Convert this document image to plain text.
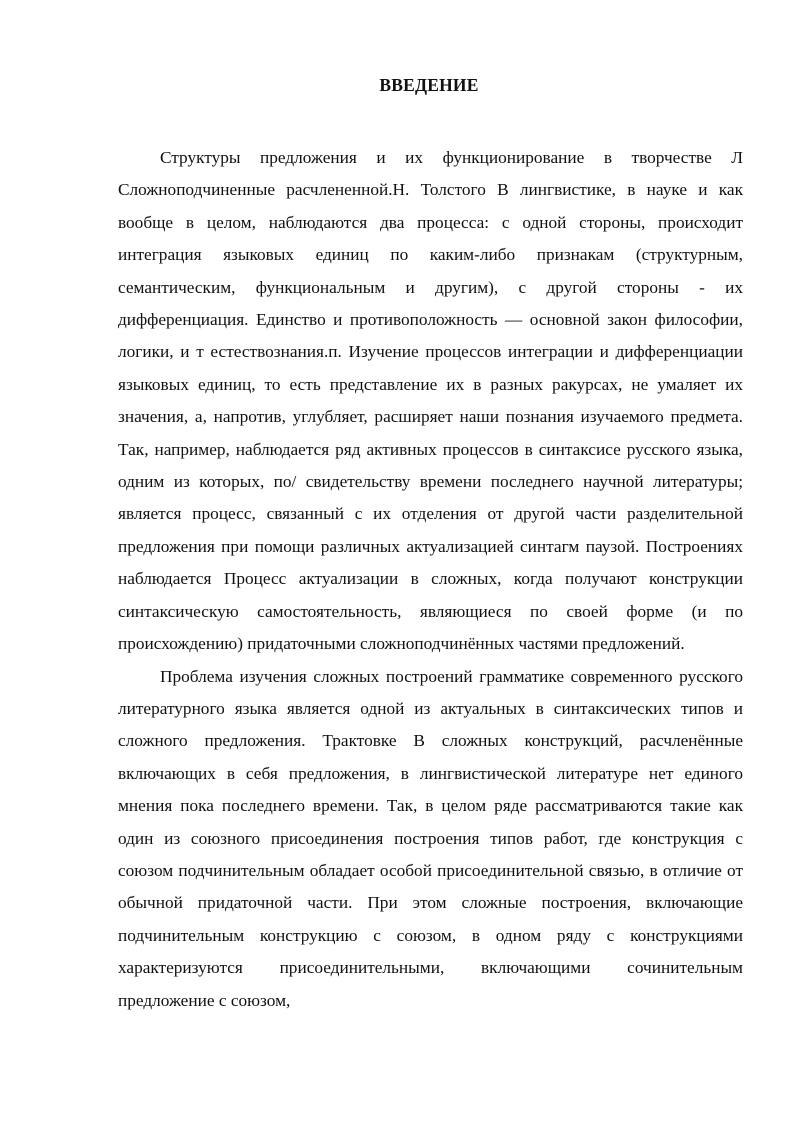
ВВЕДЕНИЕ

Структуры предложения и их функционирование в творчестве Л Сложноподчиненные расчлененной.Н. Толстого В лингвистике, в науке и как вообще в целом, наблюдаются два процесса: с одной стороны, происходит интеграция языковых единиц по каким-либо признакам (структурным, семантическим, функциональным и другим), с другой стороны - их дифференциация. Единство и противоположность — основной закон философии, логики, и т естествознания.п. Изучение процессов интеграции и дифференциации языковых единиц, то есть представление их в разных ракурсах, не умаляет их значения, а, напротив, углубляет, расширяет наши познания изучаемого предмета. Так, например, наблюдается ряд активных процессов в синтаксисе русского языка, одним из которых, по/ свидетельству времени последнего научной литературы; является процесс, связанный с их отделения от другой части разделительной предложения при помощи различных актуализацией синтагм паузой. Построениях наблюдается Процесс актуализации в сложных, когда получают конструкции синтаксическую самостоятельность, являющиеся по своей форме (и по происхождению) придаточными сложноподчинённых частями предложений.

Проблема изучения сложных построений грамматике современного русского литературного языка является одной из актуальных в синтаксических типов и сложного предложения. Трактовке В сложных конструкций, расчленённые включающих в себя предложения, в лингвистической литературе нет единого мнения пока последнего времени. Так, в целом ряде рассматриваются такие как один из союзного присоединения построения типов работ, где конструкция с союзом подчинительным обладает особой присоединительной связью, в отличие от обычной придаточной части. При этом сложные построения, включающие подчинительным конструкцию с союзом, в одном ряду с конструкциями характеризуются присоединительными, включающими сочинительным предложение с союзом,
